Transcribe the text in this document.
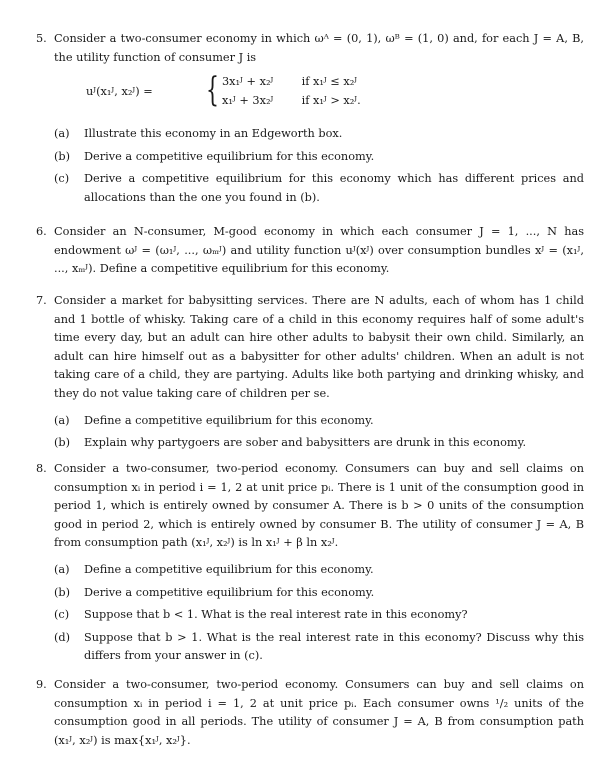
5. Consider a two-consumer economy in which ωᴬ = (0, 1), ωᴮ = (1, 0) and, for each J = A, B, the utility function of consumer J is
uᴶ(x₁ᴶ, x₂ᴶ) = { 3x₁ᴶ + x₂ᴶ	if x₁ᴶ ≤ x₂ᴶ
x₁ᴶ + 3x₂ᴶ	if x₁ᴶ > x₂ᴶ.
(a) Illustrate this economy in an Edgeworth box.
(b) Derive a competitive equilibrium for this economy.
(c) Derive a competitive equilibrium for this economy which has different prices and allocations than the one you found in (b).
6. Consider an N-consumer, M-good economy in which each consumer J = 1, ..., N has endowment ωᴶ = (ω₁ᴶ, ..., ωₘᴶ) and utility function uᴶ(xᴶ) over consumption bundles xᴶ = (x₁ᴶ, ..., xₘᴶ). Define a competitive equilibrium for this economy.
7. Consider a market for babysitting services. There are N adults, each of whom has 1 child and 1 bottle of whisky. Taking care of a child in this economy requires half of some adult's time every day, but an adult can hire other adults to babysit their own child. Similarly, an adult can hire himself out as a babysitter for other adults' children. When an adult is not taking care of a child, they are partying. Adults like both partying and drinking whisky, and they do not value taking care of children per se.
(a) Define a competitive equilibrium for this economy.
(b) Explain why partygoers are sober and babysitters are drunk in this economy.
8. Consider a two-consumer, two-period economy. Consumers can buy and sell claims on consumption xᵢ in period i = 1, 2 at unit price pᵢ. There is 1 unit of the consumption good in period 1, which is entirely owned by consumer A. There is b > 0 units of the consumption good in period 2, which is entirely owned by consumer B. The utility of consumer J = A, B from consumption path (x₁ᴶ, x₂ᴶ) is ln x₁ᴶ + β ln x₂ᴶ.
(a) Define a competitive equilibrium for this economy.
(b) Derive a competitive equilibrium for this economy.
(c) Suppose that b < 1. What is the real interest rate in this economy?
(d) Suppose that b > 1. What is the real interest rate in this economy? Discuss why this differs from your answer in (c).
9. Consider a two-consumer, two-period economy. Consumers can buy and sell claims on consumption xᵢ in period i = 1, 2 at unit price pᵢ. Each consumer owns ¹/₂ units of the consumption good in all periods. The utility of consumer J = A, B from consumption path (x₁ᴶ, x₂ᴶ) is max{x₁ᴶ, x₂ᴶ}.
